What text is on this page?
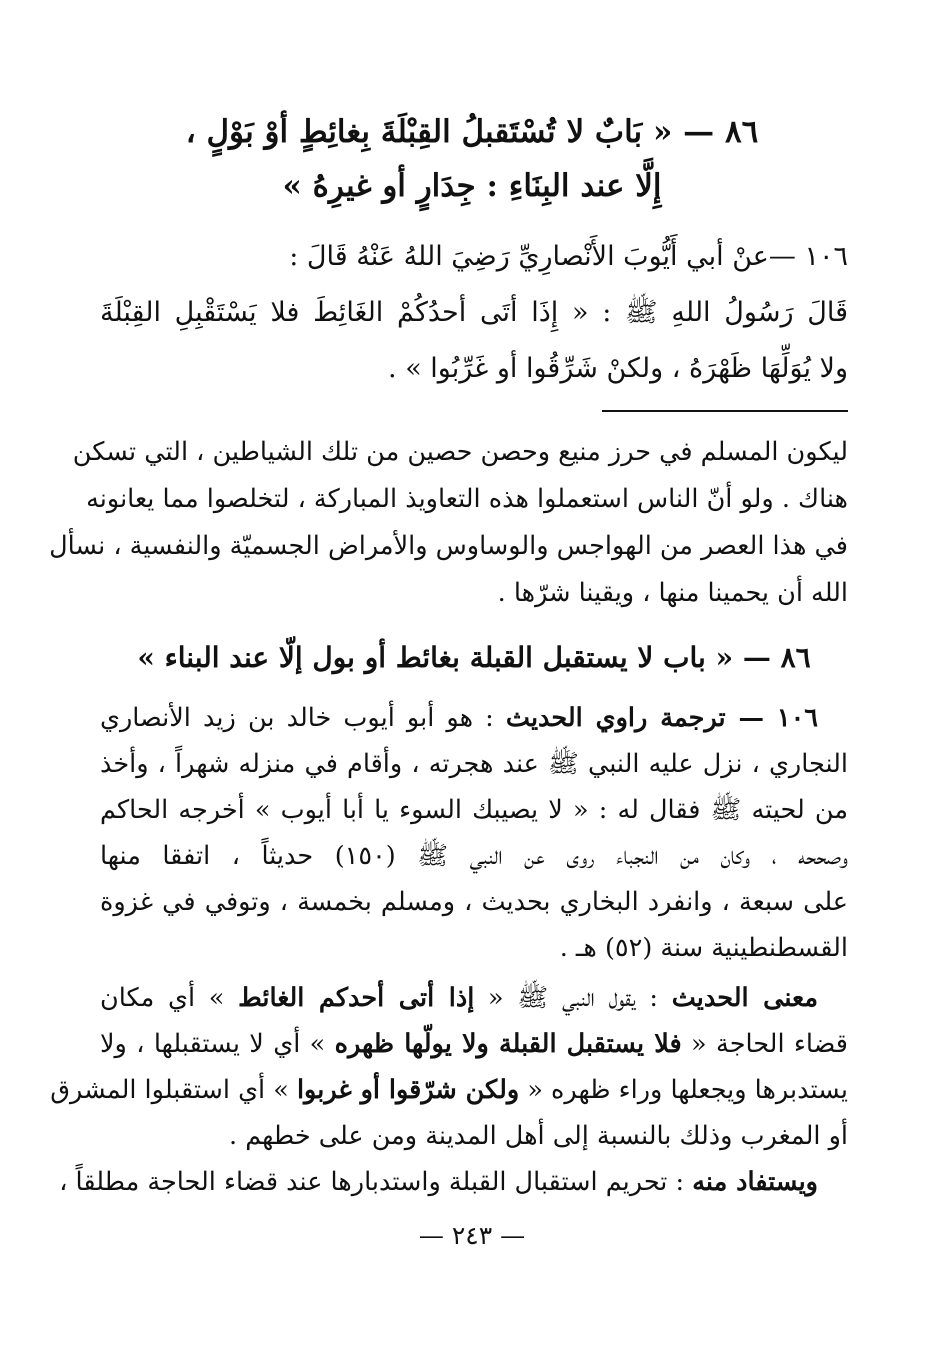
٨٦ — « بَابٌ لا تُسْتَقبلُ القِبْلَةَ بِغائِطٍ أوْ بَوْلٍ ،
إِلَّا عند البِنَاءِ : جِدَارٍ أو غيرِهُ »
١٠٦ —عنْ أبي أَيُّوبَ الأَنْصارِيِّ رَضِيَ اللهُ عَنْهُ قَالَ :
قَالَ رَسُولُ اللهِ ﷺ : « إِذَا أتَى أحدُكُمْ الغَائِطَ فلا يَسْتَقْبِلِ القِبْلَةَ
ولا يُوَلِّهَا ظَهْرَهُ ، ولكنْ شَرِّقُوا أو غَرِّبُوا » .
ليكون المسلم في حرز منيع وحصن حصين من تلك الشياطين ، التي تسكن
هناك . ولو أنّ الناس استعملوا هذه التعاويذ المباركة ، لتخلصوا مما يعانونه
في هذا العصر من الهواجس والوساوس والأمراض الجسميّة والنفسية ، نسأل
الله أن يحمينا منها ، ويقينا شرّها .
٨٦ — « باب لا يستقبل القبلة بغائط أو بول إلّا عند البناء »
١٠٦ — ترجمة راوي الحديث : هو أبو أيوب خالد بن زيد الأنصاري
النجاري ، نزل عليه النبي ﷺ عند هجرته ، وأقام في منزله شهراً ، وأخذ
من لحيته ﷺ فقال له : « لا يصيبك السوء يا أبا أيوب » أخرجه الحاكم
وصححه ، وكان من النجباء روى عن النبي ﷺ (١٥٠) حديثاً ، اتفقا منها
على سبعة ، وانفرد البخاري بحديث ، ومسلم بخمسة ، وتوفي في غزوة
القسطنطينية سنة (٥٢) هـ .
معنى الحديث : يقول النبي ﷺ « إذا أتى أحدكم الغائط » أي مكان
قضاء الحاجة « فلا يستقبل القبلة ولا يولّها ظهره » أي لا يستقبلها ، ولا
يستدبرها ويجعلها وراء ظهره « ولكن شرّقوا أو غربوا » أي استقبلوا المشرق
أو المغرب وذلك بالنسبة إلى أهل المدينة ومن على خطهم .
ويستفاد منه : تحريم استقبال القبلة واستدبارها عند قضاء الحاجة مطلقاً ،
— ٢٤٣ —
